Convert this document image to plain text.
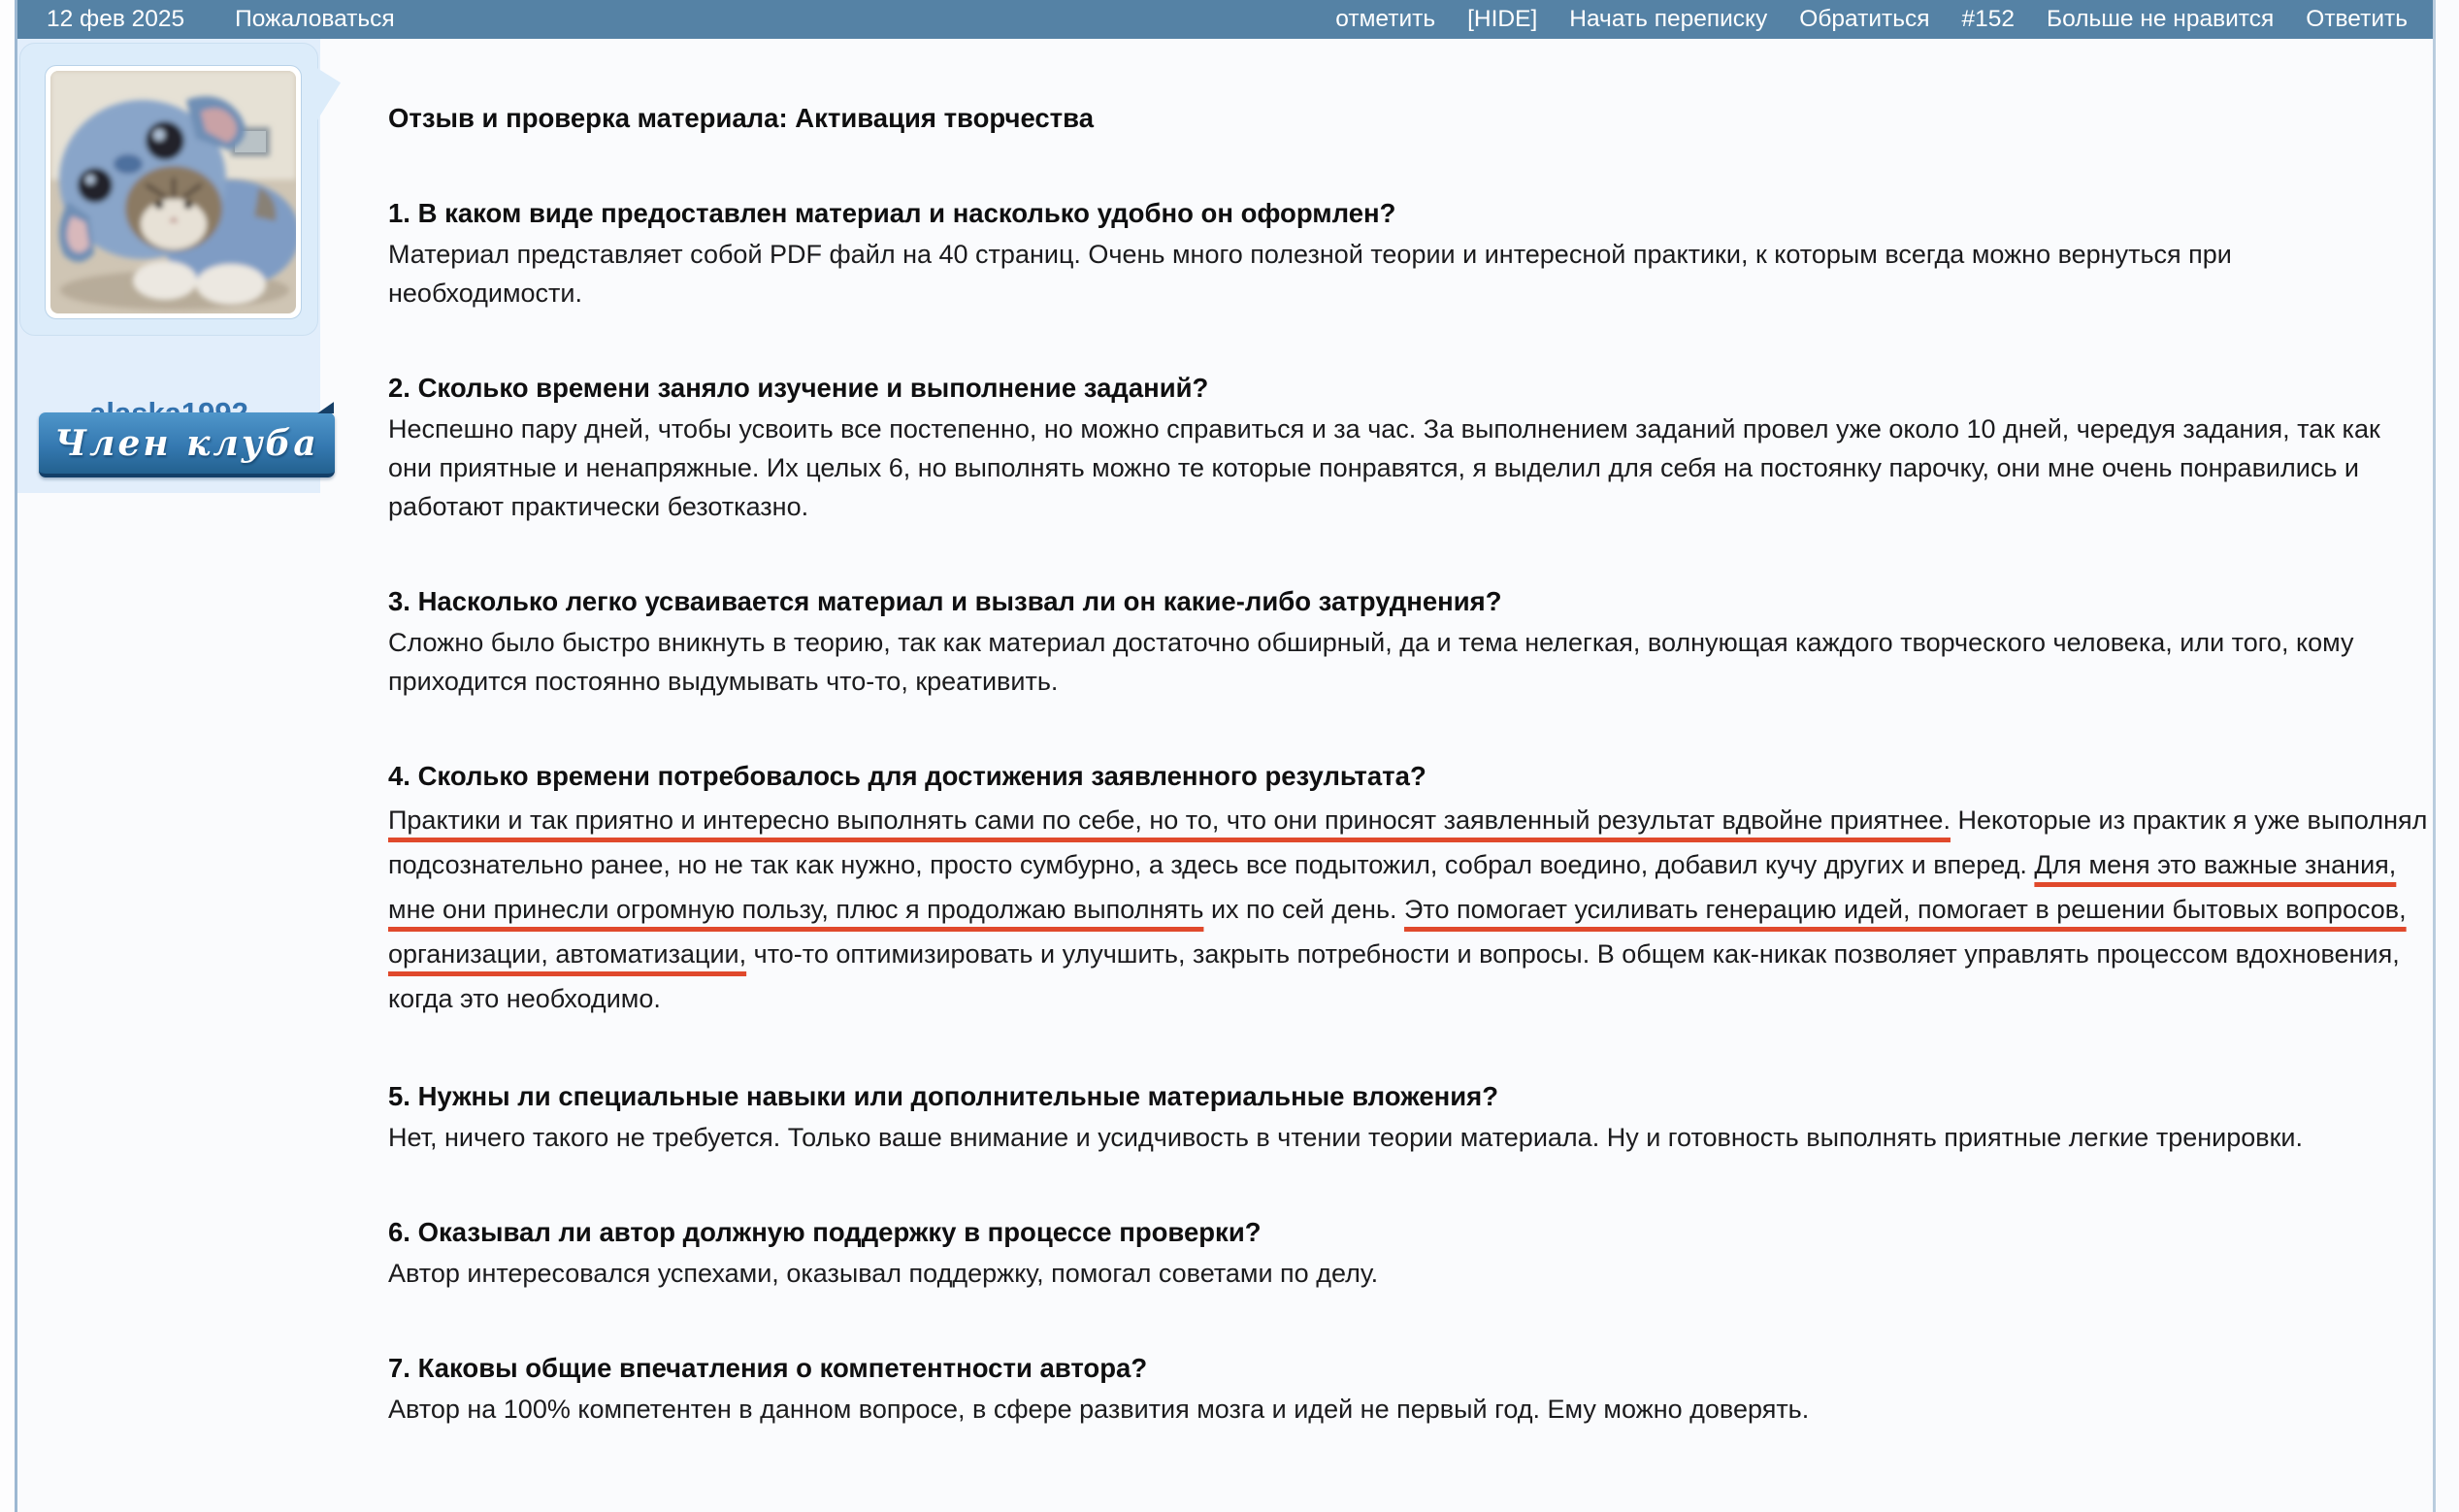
12 фев 2025 Пожаловаться	отметить [HIDE] Начать переписку Обратиться #152 Больше не нравится Ответить
Член клуба
Отзыв и проверка материала: Активация творчества
1. В каком виде предоставлен материал и насколько удобно он оформлен?

Материал представляет собой PDF файл на 40 страниц. Очень много полезной теории и интересной практики, к которым всегда можно вернуться при необходимости.

2. Сколько времени заняло изучение и выполнение заданий?

Неспешно пару дней, чтобы усвоить все постепенно, но можно справиться и за час. За выполнением заданий провел уже около 10 дней, чередуя задания, так как они приятные и ненапряжные. Их целых 6, но выполнять можно те которые понравятся, я выделил для себя на постоянку парочку, они мне очень понравились и работают практически безотказно.

3. Насколько легко усваивается материал и вызвал ли он какие-либо затруднения?

Сложно было быстро вникнуть в теорию, так как материал достаточно обширный, да и тема нелегкая, волнующая каждого творческого человека, или того, кому приходится постоянно выдумывать что-то, креативить.

4. Сколько времени потребовалось для достижения заявленного результата?

Практики и так приятно и интересно выполнять сами по себе, но то, что они приносят заявленный результат вдвойне приятнее. Некоторые из практик я уже выполнял подсознательно ранее, но не так как нужно, просто сумбурно, а здесь все подытожил, собрал воедино, добавил кучу других и вперед. Для меня это важные знания, мне они принесли огромную пользу, плюс я продолжаю выполнять их по сей день. Это помогает усиливать генерацию идей, помогает в решении бытовых вопросов, организации, автоматизации, что-то оптимизировать и улучшить, закрыть потребности и вопросы. В общем как-никак позволяет управлять процессом вдохновения, когда это необходимо.

5. Нужны ли специальные навыки или дополнительные материальные вложения?

Нет, ничего такого не требуется. Только ваше внимание и усидчивость в чтении теории материала. Ну и готовность выполнять приятные легкие тренировки.

6. Оказывал ли автор должную поддержку в процессе проверки?

Автор интересовался успехами, оказывал поддержку, помогал советами по делу.

7. Каковы общие впечатления о компетентности автора?

Автор на 100% компетентен в данном вопросе, в сфере развития мозга и идей не первый год. Ему можно доверять.
